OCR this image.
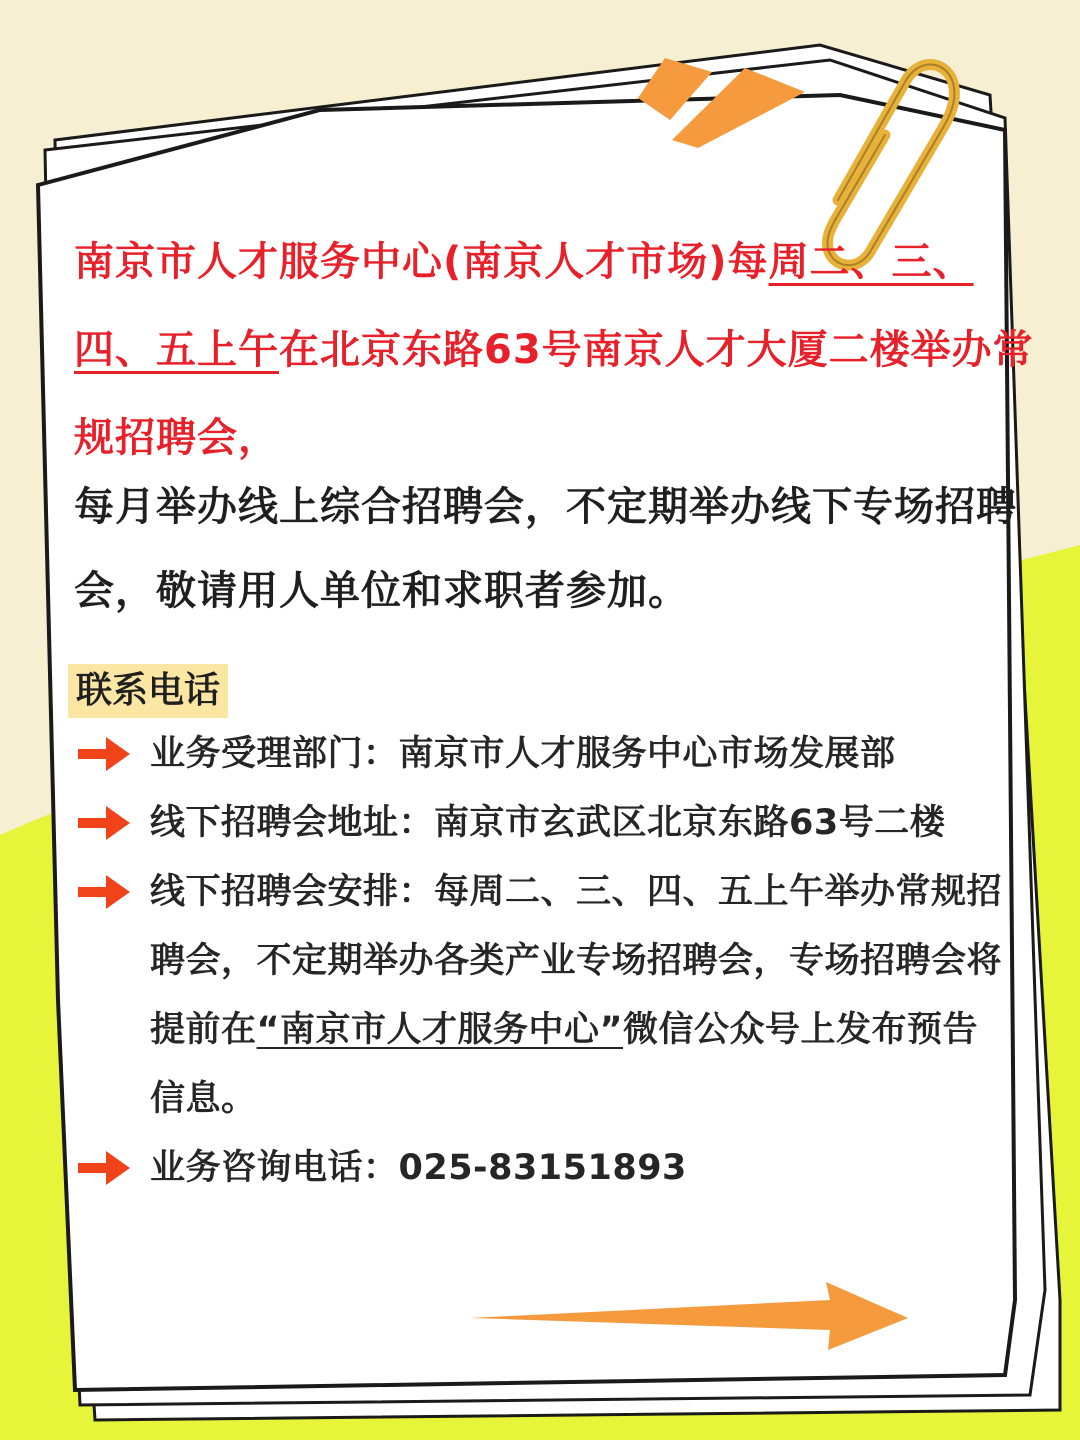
南京市人才服务中心(南京人才市场)每周二、三、四、五上午在北京东路63号南京人才大厦二楼举办常规招聘会，
每月举办线上综合招聘会，不定期举办线下专场招聘会，敬请用人单位和求职者参加。
联系电话
业务受理部门：南京市人才服务中心市场发展部
线下招聘会地址：南京市玄武区北京东路63号二楼
线下招聘会安排：每周二、三、四、五上午举办常规招聘会，不定期举办各类产业专场招聘会，专场招聘会将提前在“南京市人才服务中心”微信公众号上发布预告信息。
业务咨询电话：025-83151893
